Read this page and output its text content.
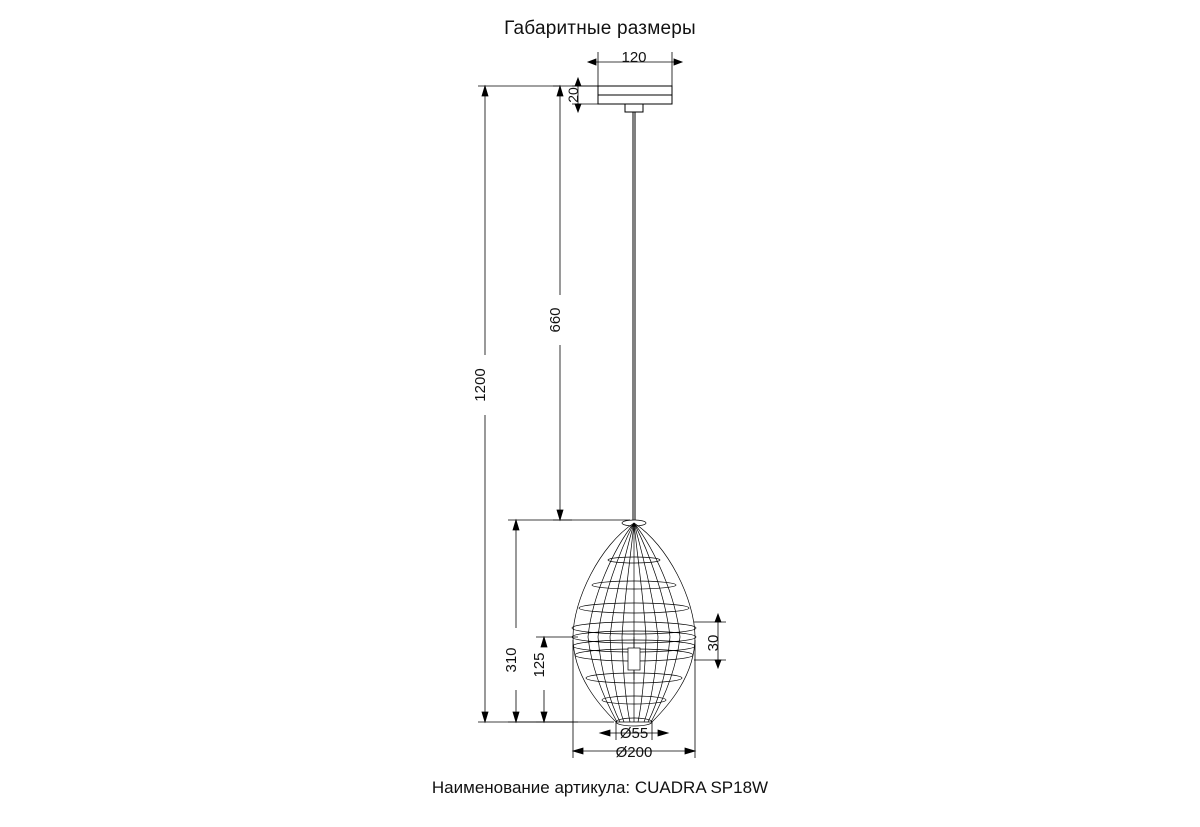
Габаритные размеры
120
20
660
1200
310 125
30
Ø55
Ø200
Наименование артикула: CUADRA SP18W
